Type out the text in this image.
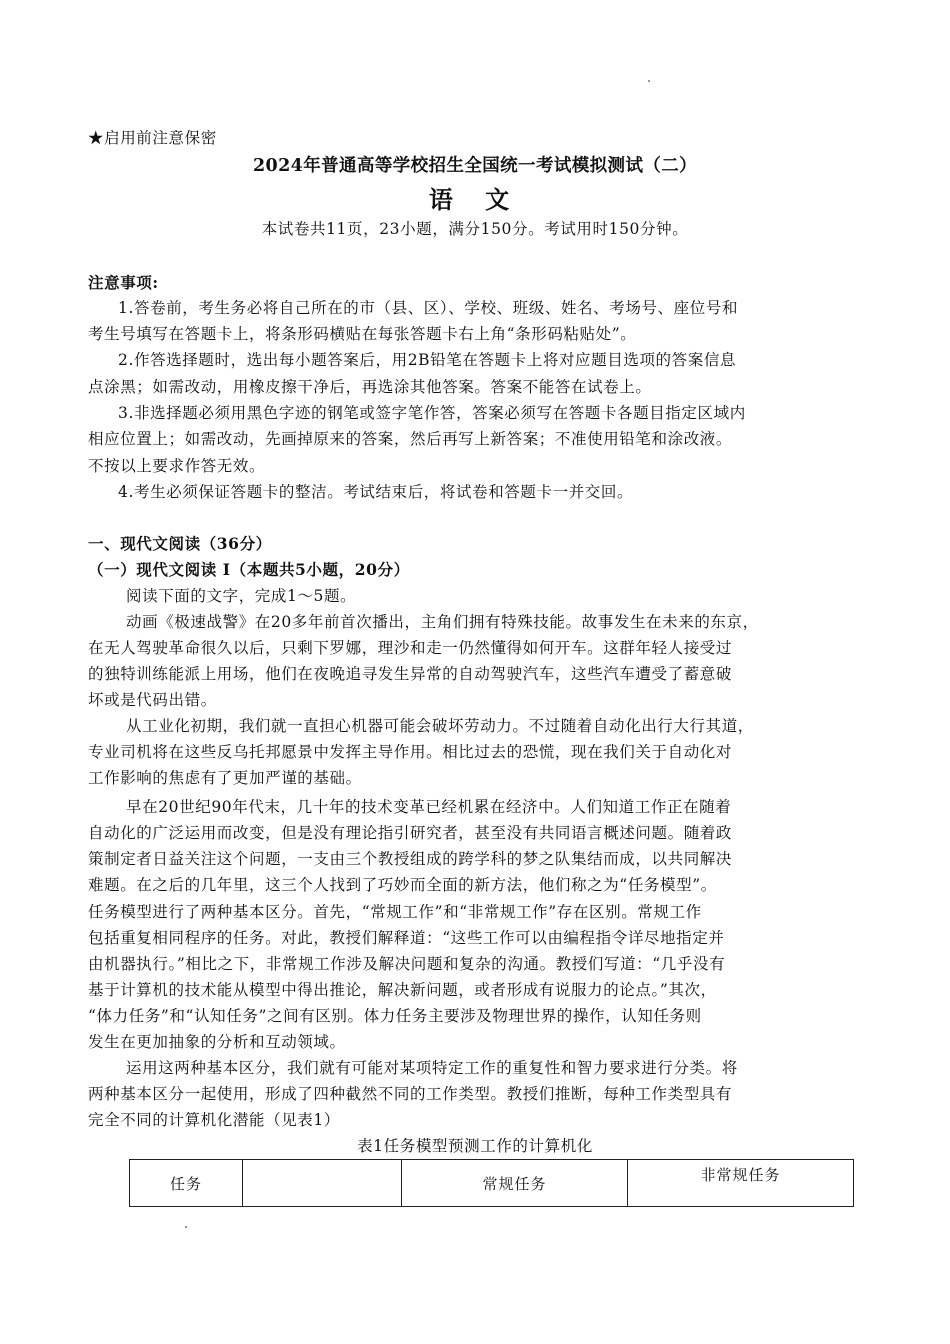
★启用前注意保密
2024年普通高等学校招生全国统一考试模拟测试（二）
语 文
本试卷共11页，23小题，满分150分。考试用时150分钟。
注意事项:
1.答卷前，考生务必将自己所在的市（县、区）、学校、班级、姓名、考场号、座位号和
考生号填写在答题卡上，将条形码横贴在每张答题卡右上角“条形码粘贴处”。
2.作答选择题时，选出每小题答案后，用2B铅笔在答题卡上将对应题目选项的答案信息
点涂黑；如需改动，用橡皮擦干净后，再选涂其他答案。答案不能答在试卷上。
3.非选择题必须用黑色字迹的钢笔或签字笔作答，答案必须写在答题卡各题目指定区域内
相应位置上；如需改动，先画掉原来的答案，然后再写上新答案；不准使用铅笔和涂改液。
不按以上要求作答无效。
4.考生必须保证答题卡的整洁。考试结束后，将试卷和答题卡一并交回。
一、现代文阅读（36分）
（一）现代文阅读 I（本题共5小题，20分）
阅读下面的文字，完成1～5题。
动画《极速战警》在20多年前首次播出，主角们拥有特殊技能。故事发生在未来的东京，
在无人驾驶革命很久以后，只剩下罗娜，理沙和走一仍然懂得如何开车。这群年轻人接受过
的独特训练能派上用场，他们在夜晚追寻发生异常的自动驾驶汽车，这些汽车遭受了蓄意破
坏或是代码出错。
从工业化初期，我们就一直担心机器可能会破坏劳动力。不过随着自动化出行大行其道，
专业司机将在这些反乌托邦愿景中发挥主导作用。相比过去的恐慌，现在我们关于自动化对
工作影响的焦虑有了更加严谨的基础。
早在20世纪90年代末，几十年的技术变革已经机累在经济中。人们知道工作正在随着
自动化的广泛运用而改变，但是没有理论指引研究者，甚至没有共同语言概述问题。随着政
策制定者日益关注这个问题，一支由三个教授组成的跨学科的梦之队集结而成，以共同解决
难题。在之后的几年里，这三个人找到了巧妙而全面的新方法，他们称之为“任务模型”。
任务模型进行了两种基本区分。首先，“常规工作”和“非常规工作”存在区别。常规工作
包括重复相同程序的任务。对此，教授们解释道：“这些工作可以由编程指令详尽地指定并
由机器执行。”相比之下，非常规工作涉及解决问题和复杂的沟通。教授们写道：“几乎没有
基于计算机的技术能从模型中得出推论，解决新问题，或者形成有说服力的论点。”其次，
“体力任务”和“认知任务”之间有区别。体力任务主要涉及物理世界的操作，认知任务则
发生在更加抽象的分析和互动领域。
运用这两种基本区分，我们就有可能对某项特定工作的重复性和智力要求进行分类。将
两种基本区分一起使用，形成了四种截然不同的工作类型。教授们推断，每种工作类型具有
完全不同的计算机化潜能（见表1）
表1任务模型预测工作的计算机化
任务		常规任务	非常规任务
